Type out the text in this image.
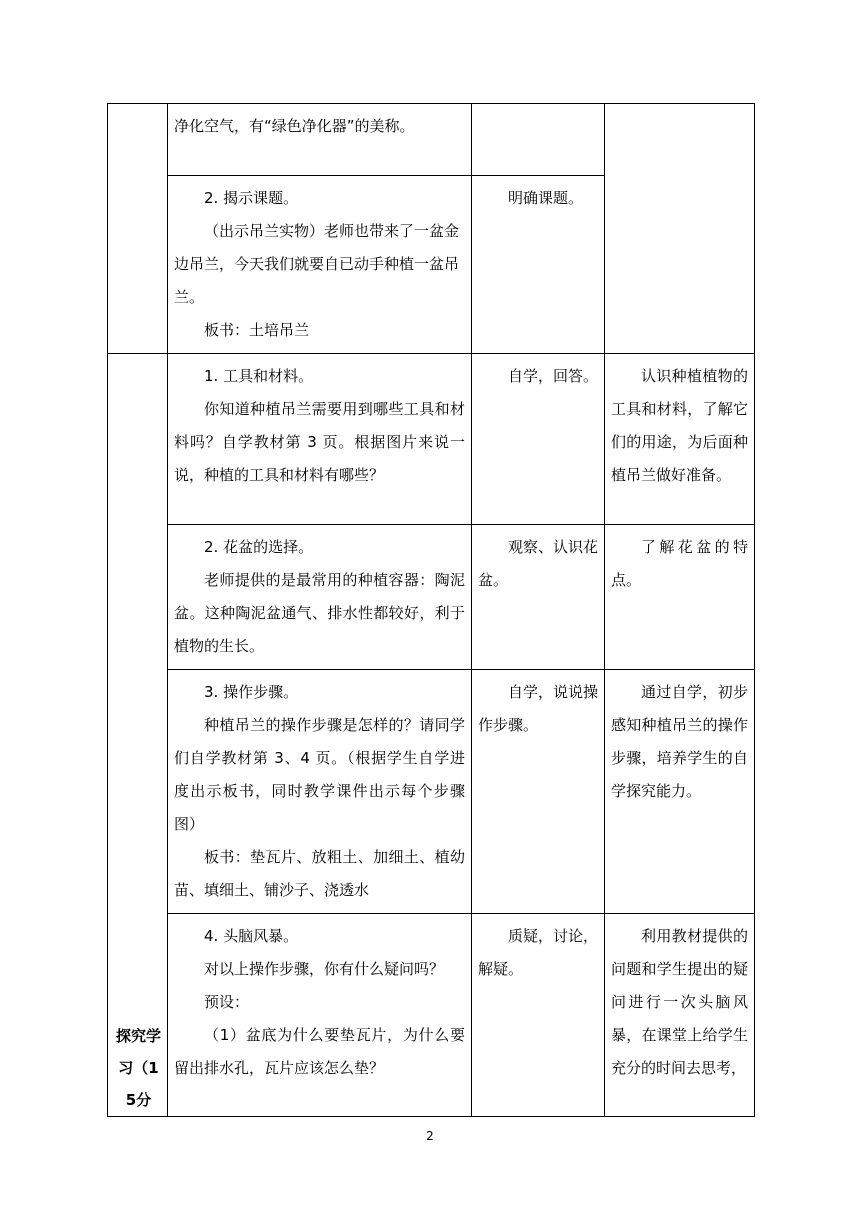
	净化空气，有“绿色净化器”的美称。		

	2. 揭示课题。
（出示吊兰实物）老师也带来了一盆金边吊兰，今天我们就要自已动手种植一盆吊兰。
板书：土培吊兰	明确课题。	

探究学习（15分	1. 工具和材料。
你知道种植吊兰需要用到哪些工具和材料吗？自学教材第 3 页。根据图片来说一说，种植的工具和材料有哪些？	自学，回答。	认识种植植物的工具和材料，了解它们的用途，为后面种植吊兰做好准备。

	2. 花盆的选择。
老师提供的是最常用的种植容器：陶泥盆。这种陶泥盆通气、排水性都较好，利于植物的生长。	观察、认识花盆。	了解花盆的特点。

	3. 操作步骤。
种植吊兰的操作步骤是怎样的？请同学们自学教材第 3、4 页。（根据学生自学进度出示板书，同时教学课件出示每个步骤图）
板书：垫瓦片、放粗土、加细土、植幼苗、填细土、铺沙子、浇透水	自学，说说操作步骤。	通过自学，初步感知种植吊兰的操作步骤，培养学生的自学探究能力。

	4. 头脑风暴。
对以上操作步骤，你有什么疑问吗？
预设：
（1）盆底为什么要垫瓦片，为什么要留出排水孔，瓦片应该怎么垫？	质疑，讨论，解疑。	利用教材提供的问题和学生提出的疑问进行一次头脑风暴，在课堂上给学生充分的时间去思考，
2
